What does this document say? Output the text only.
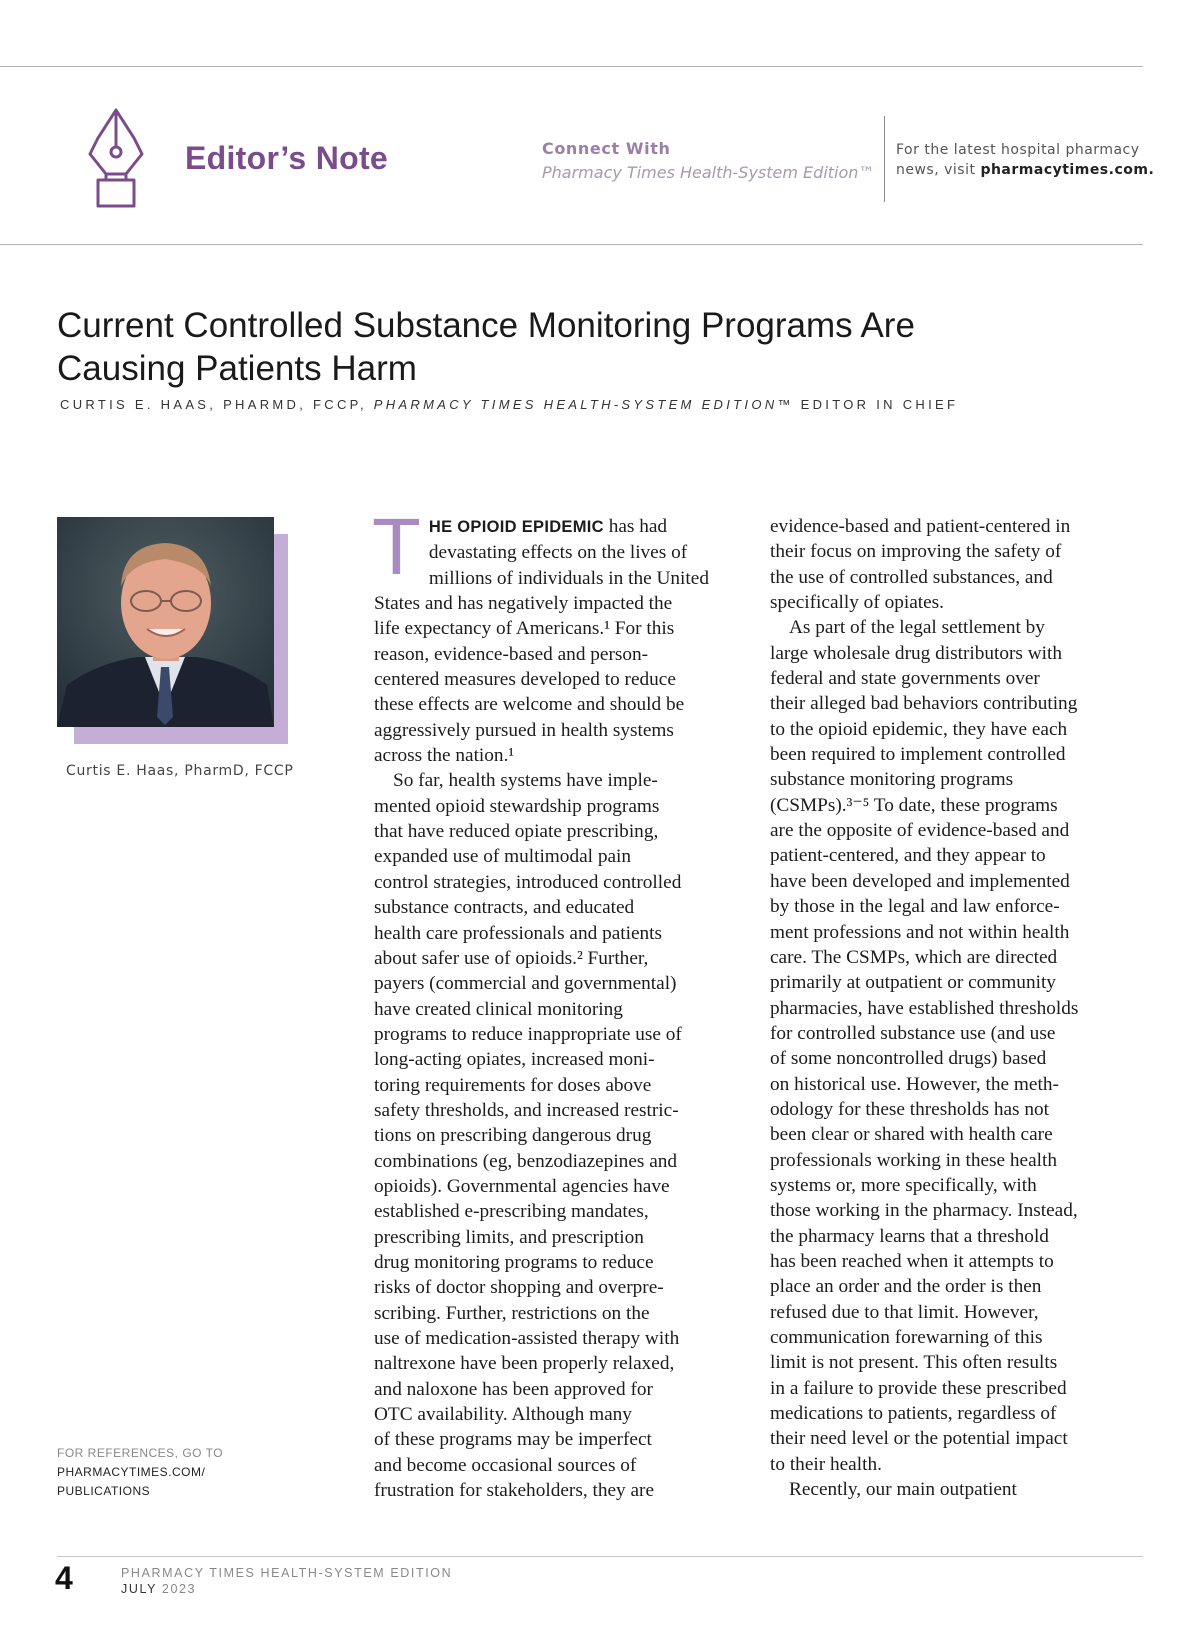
Editor’s Note	Connect With
Pharmacy Times Health-System Edition™
For the latest hospital pharmacy
news, visit pharmacytimes.com.
Current Controlled Substance Monitoring Programs Are
Causing Patients Harm
CURTIS E. HAAS, PHARMD, FCCP, PHARMACY TIMES HEALTH-SYSTEM EDITION™ EDITOR IN CHIEF
Curtis E. Haas, PharmD, FCCP
FOR REFERENCES, GO TO
PHARMACYTIMES.COM/
PUBLICATIONS
T HE OPIOID EPIDEMIC has had
devastating effects on the lives of
millions of individuals in the United
States and has negatively impacted the
life expectancy of Americans.¹ For this
reason, evidence-based and person-
centered measures developed to reduce
these effects are welcome and should be
aggressively pursued in health systems
across the nation.¹
So far, health systems have imple-
mented opioid stewardship programs
that have reduced opiate prescribing,
expanded use of multimodal pain
control strategies, introduced controlled
substance contracts, and educated
health care professionals and patients
about safer use of opioids.² Further,
payers (commercial and governmental)
have created clinical monitoring
programs to reduce inappropriate use of
long-acting opiates, increased moni-
toring requirements for doses above
safety thresholds, and increased restric-
tions on prescribing dangerous drug
combinations (eg, benzodiazepines and
opioids). Governmental agencies have
established e-prescribing mandates,
prescribing limits, and prescription
drug monitoring programs to reduce
risks of doctor shopping and overpre-
scribing. Further, restrictions on the
use of medication-assisted therapy with
naltrexone have been properly relaxed,
and naloxone has been approved for
OTC availability. Although many
of these programs may be imperfect
and become occasional sources of
frustration for stakeholders, they are
evidence-based and patient-centered in
their focus on improving the safety of
the use of controlled substances, and
specifically of opiates.
As part of the legal settlement by
large wholesale drug distributors with
federal and state governments over
their alleged bad behaviors contributing
to the opioid epidemic, they have each
been required to implement controlled
substance monitoring programs
(CSMPs).³⁻⁵ To date, these programs
are the opposite of evidence-based and
patient-centered, and they appear to
have been developed and implemented
by those in the legal and law enforce-
ment professions and not within health
care. The CSMPs, which are directed
primarily at outpatient or community
pharmacies, have established thresholds
for controlled substance use (and use
of some noncontrolled drugs) based
on historical use. However, the meth-
odology for these thresholds has not
been clear or shared with health care
professionals working in these health
systems or, more specifically, with
those working in the pharmacy. Instead,
the pharmacy learns that a threshold
has been reached when it attempts to
place an order and the order is then
refused due to that limit. However,
communication forewarning of this
limit is not present. This often results
in a failure to provide these prescribed
medications to patients, regardless of
their need level or the potential impact
to their health.
Recently, our main outpatient
4	PHARMACY TIMES HEALTH-SYSTEM EDITION
JULY 2023
